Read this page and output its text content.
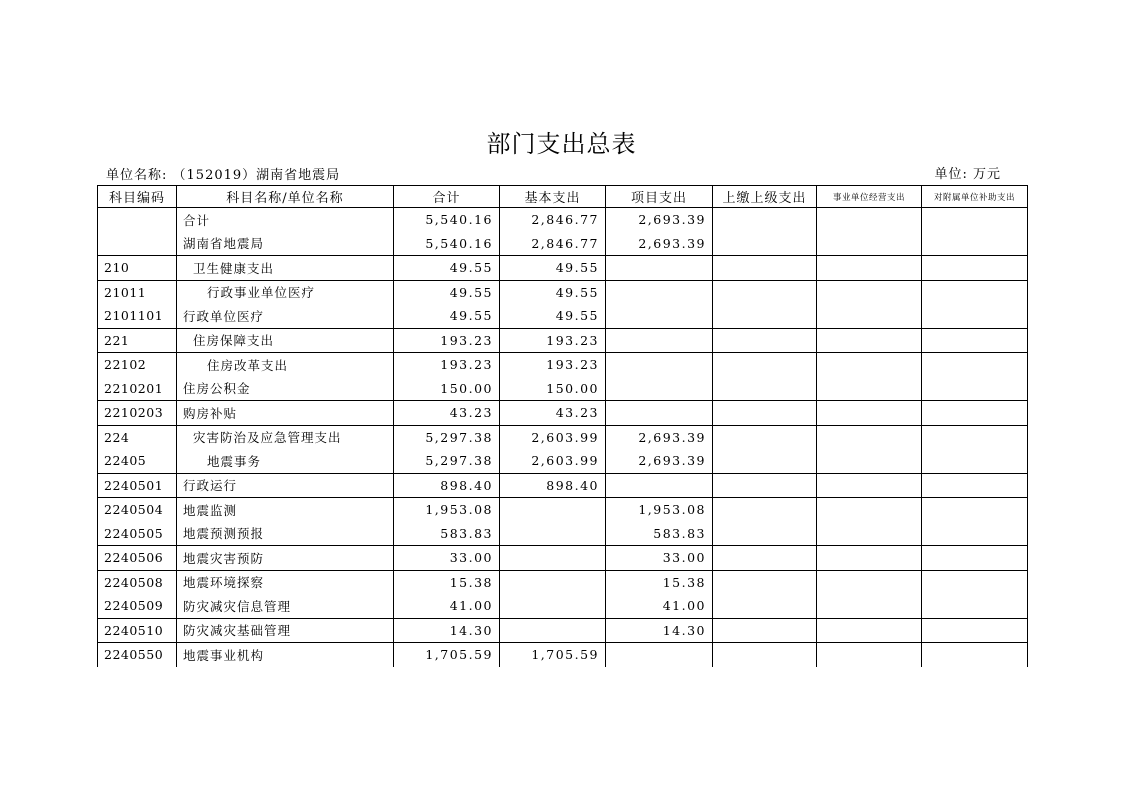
部门支出总表
单位名称: （152019）湖南省地震局	单位: 万元
科目编码	科目名称/单位名称	合计	基本支出	项目支出	上缴上级支出	事业单位经营支出	对附属单位补助支出
	合计	5,540.16	2,846.77	2,693.39			
	湖南省地震局	5,540.16	2,846.77	2,693.39			
210	卫生健康支出	49.55	49.55				
21011	行政事业单位医疗	49.55	49.55				
2101101	行政单位医疗	49.55	49.55				
221	住房保障支出	193.23	193.23				
22102	住房改革支出	193.23	193.23				
2210201	住房公积金	150.00	150.00				
2210203	购房补贴	43.23	43.23				
224	灾害防治及应急管理支出	5,297.38	2,603.99	2,693.39			
22405	地震事务	5,297.38	2,603.99	2,693.39			
2240501	行政运行	898.40	898.40				
2240504	地震监测	1,953.08		1,953.08			
2240505	地震预测预报	583.83		583.83			
2240506	地震灾害预防	33.00		33.00			
2240508	地震环境探察	15.38		15.38			
2240509	防灾减灾信息管理	41.00		41.00			
2240510	防灾减灾基础管理	14.30		14.30			
2240550	地震事业机构	1,705.59	1,705.59				
